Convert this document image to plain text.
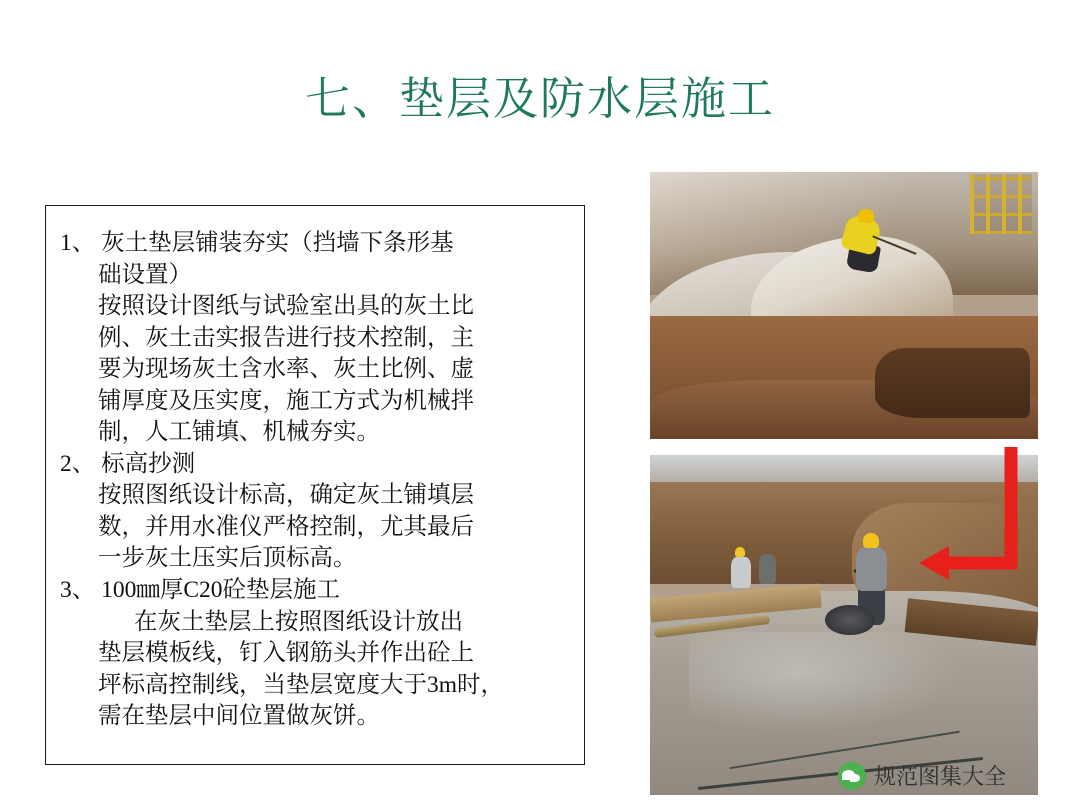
七、垫层及防水层施工

1、 灰土垫层铺装夯实（挡墙下条形基

础设置）

按照设计图纸与试验室出具的灰土比

例、灰土击实报告进行技术控制，主

要为现场灰土含水率、灰土比例、虚

铺厚度及压实度，施工方式为机械拌

制，人工铺填、机械夯实。

2、 标高抄测

按照图纸设计标高，确定灰土铺填层

数，并用水准仪严格控制，尤其最后

一步灰土压实后顶标高。

3、 100㎜厚C20砼垫层施工

在灰土垫层上按照图纸设计放出

垫层模板线，钉入钢筋头并作出砼上

坪标高控制线，当垫层宽度大于3m时，

需在垫层中间位置做灰饼。

规范图集大全
